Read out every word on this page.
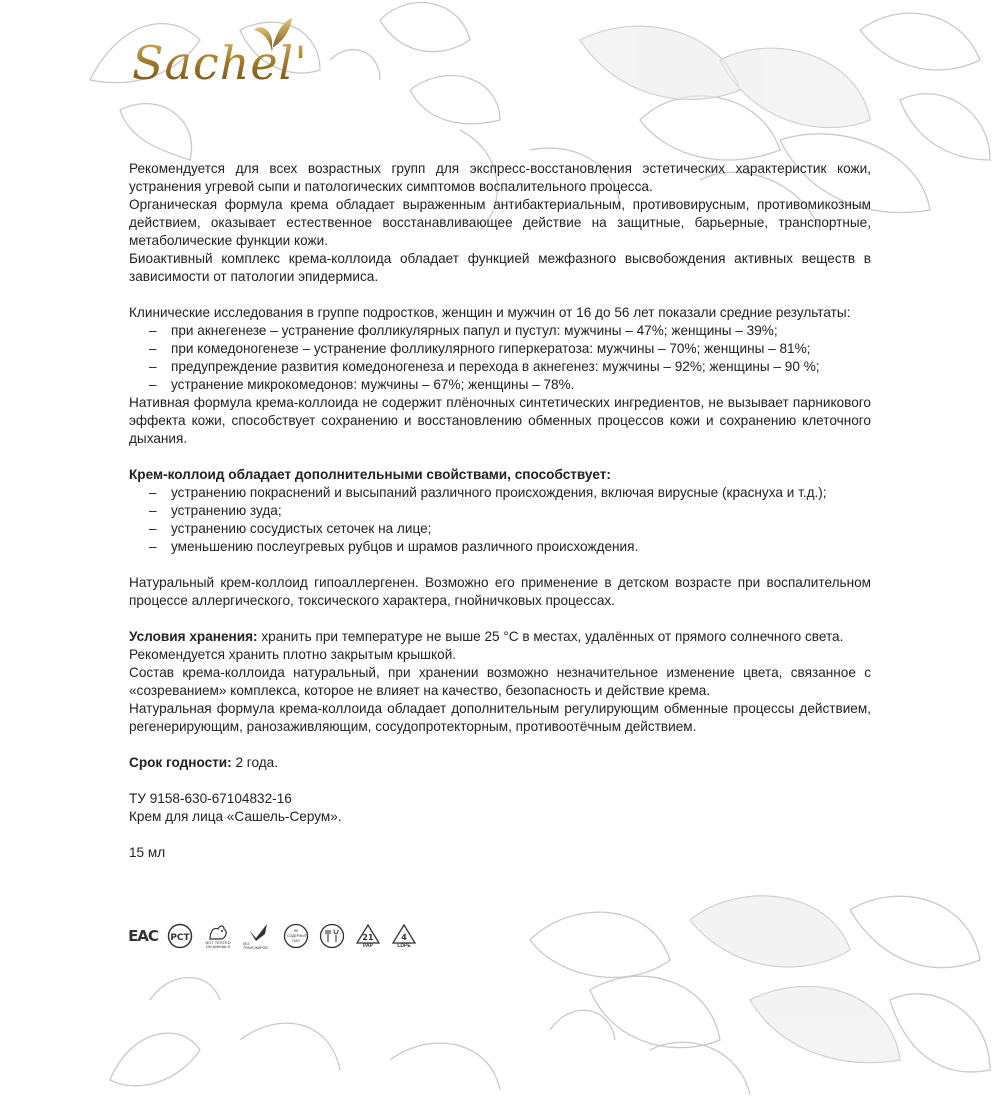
Sachel'

Рекомендуется для всех возрастных групп для экспресс-восстановления эстетических характеристик кожи, устранения угревой сыпи и патологических симптомов воспалительного процесса.

Органическая формула крема обладает выраженным антибактериальным, противовирусным, противомикозным действием, оказывает естественное восстанавливающее действие на защитные, барьерные, транспортные, метаболические функции кожи.

Биоактивный комплекс крема-коллоида обладает функцией межфазного высвобождения активных веществ в зависимости от патологии эпидермиса.

Клинические исследования в группе подростков, женщин и мужчин от 16 до 56 лет показали средние результаты:

– при акнегенезе – устранение фолликулярных папул и пустул: мужчины – 47%; женщины – 39%;
– при комедоногенезе – устранение фолликулярного гиперкератоза: мужчины – 70%; женщины – 81%;
– предупреждение развития комедоногенеза и перехода в акнегенез: мужчины – 92%; женщины – 90 %;
– устранение микрокомедонов: мужчины – 67%; женщины – 78%.

Нативная формула крема-коллоида не содержит плёночных синтетических ингредиентов, не вызывает парникового эффекта кожи, способствует сохранению и восстановлению обменных процессов кожи и сохранению клеточного дыхания.

Крем-коллоид обладает дополнительными свойствами, способствует:

– устранению покраснений и высыпаний различного происхождения, включая вирусные (краснуха и т.д.);
– устранению зуда;
– устранению сосудистых сеточек на лице;
– уменьшению послеугревых рубцов и шрамов различного происхождения.

Натуральный крем-коллоид гипоаллергенен. Возможно его применение в детском возрасте при воспалительном процессе аллергического, токсического характера, гнойничковых процессах.

Условия хранения: хранить при температуре не выше 25 °С в местах, удалённых от прямого солнечного света.

Рекомендуется хранить плотно закрытым крышкой.

Состав крема-коллоида натуральный, при хранении возможно незначительное изменение цвета, связанное с «созреванием» комплекса, которое не влияет на качество, безопасность и действие крема.

Натуральная формула крема-коллоида обладает дополнительным регулирующим обменные процессы действием, регенерирующим, ранозаживляющим, сосудопротекторным, противоотёчным действием.

Срок годности: 2 года.

ТУ 9158-630-67104832-16

Крем для лица «Сашель-Серум».

15 мл

EAC РСТ	NOT TESTED ON ANIMALS	БЕЗ ТРАНСЖИРОВ
НЕ СОДЕРЖИТ ГМО	21
PAP
4
LDPE
